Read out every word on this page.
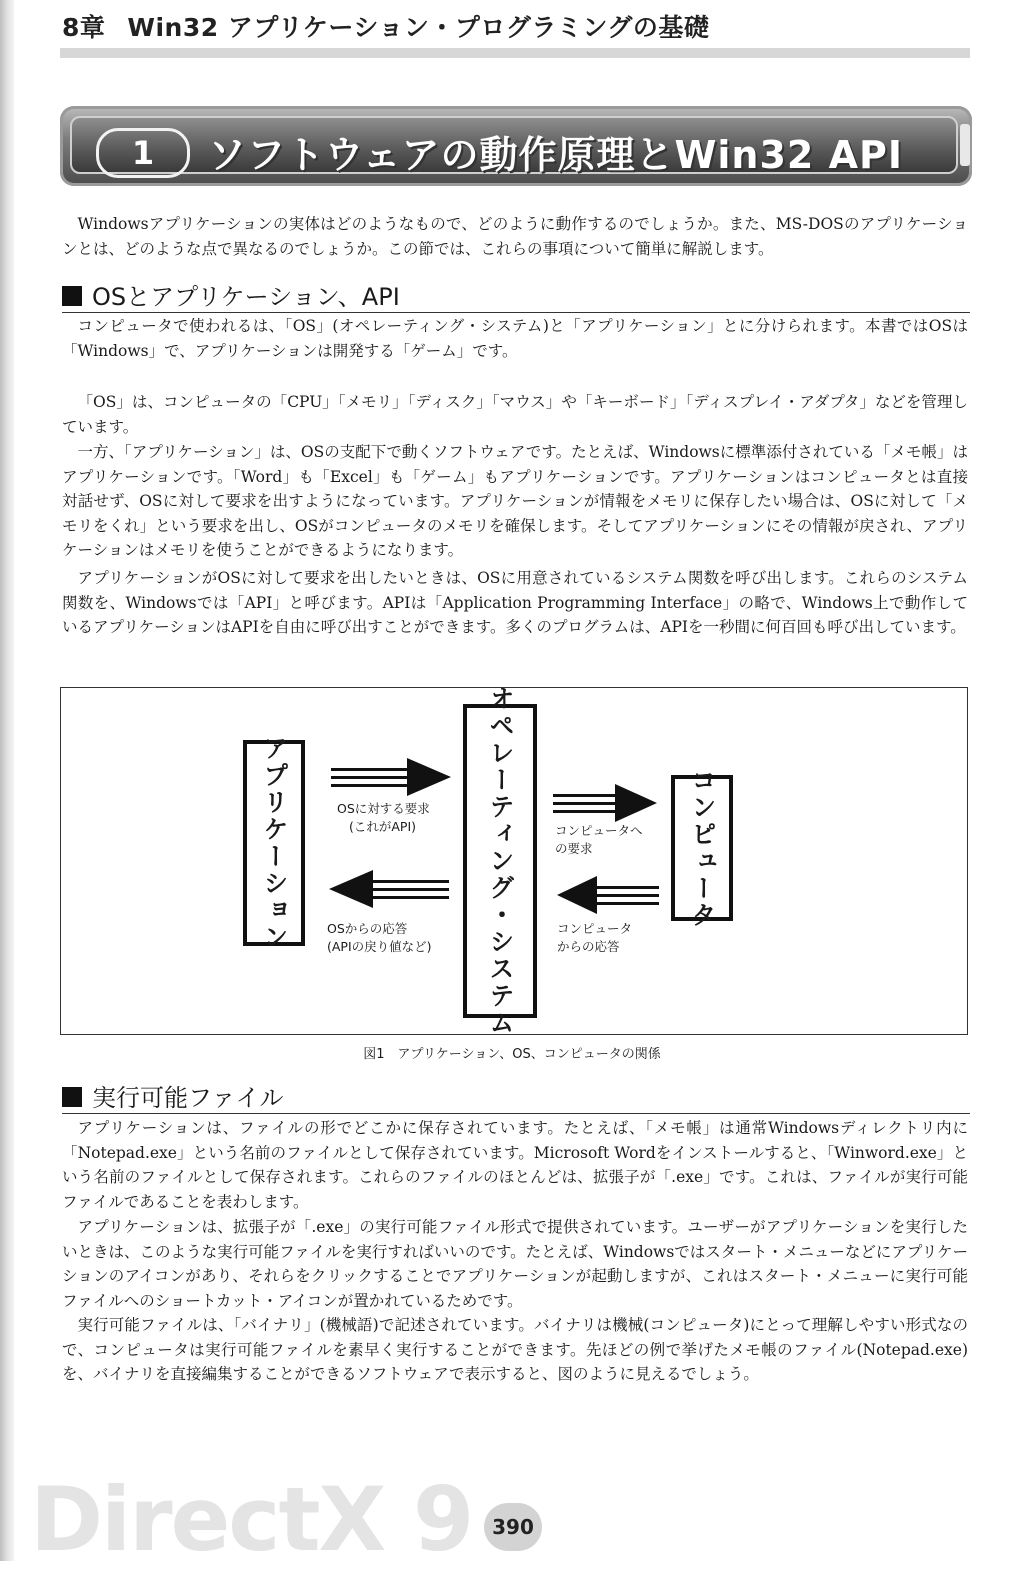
8章 Win32 アプリケーション・プログラミングの基礎
1	ソフトウェアの動作原理とWin32 API
Windowsアプリケーションの実体はどのようなもので、どのように動作するのでしょうか。また、MS-DOSのアプリケーションとは、どのような点で異なるのでしょうか。この節では、これらの事項について簡単に解説します。
OSとアプリケーション、API
コンピュータで使われるは、「OS」(オペレーティング・システム)と「アプリケーション」とに分けられます。本書ではOSは「Windows」で、アプリケーションは開発する「ゲーム」です。
「OS」は、コンピュータの「CPU」「メモリ」「ディスク」「マウス」や「キーボード」「ディスプレイ・アダプタ」などを管理しています。
一方、「アプリケーション」は、OSの支配下で動くソフトウェアです。たとえば、Windowsに標準添付されている「メモ帳」はアプリケーションです。「Word」も「Excel」も「ゲーム」もアプリケーションです。アプリケーションはコンピュータとは直接対話せず、OSに対して要求を出すようになっています。アプリケーションが情報をメモリに保存したい場合は、OSに対して「メモリをくれ」という要求を出し、OSがコンピュータのメモリを確保します。そしてアプリケーションにその情報が戻され、アプリケーションはメモリを使うことができるようになります。
アプリケーションがOSに対して要求を出したいときは、OSに用意されているシステム関数を呼び出します。これらのシステム関数を、Windowsでは「API」と呼びます。APIは「Application Programming Interface」の略で、Windows上で動作しているアプリケーションはAPIを自由に呼び出すことができます。多くのプログラムは、APIを一秒間に何百回も呼び出しています。
アプリケーション	オペレーティング・システム	コンピュータ
OSに対する要求
(これがAPI)
OSからの応答
(APIの戻り値など)
コンピュータへ
の要求
コンピュータ
からの応答
図1　アプリケーション、OS、コンピュータの関係
実行可能ファイル
アプリケーションは、ファイルの形でどこかに保存されています。たとえば、「メモ帳」は通常Windowsディレクトリ内に「Notepad.exe」という名前のファイルとして保存されています。Microsoft Wordをインストールすると、「Winword.exe」という名前のファイルとして保存されます。これらのファイルのほとんどは、拡張子が「.exe」です。これは、ファイルが実行可能ファイルであることを表わします。
アプリケーションは、拡張子が「.exe」の実行可能ファイル形式で提供されています。ユーザーがアプリケーションを実行したいときは、このような実行可能ファイルを実行すればいいのです。たとえば、Windowsではスタート・メニューなどにアプリケーションのアイコンがあり、それらをクリックすることでアプリケーションが起動しますが、これはスタート・メニューに実行可能ファイルへのショートカット・アイコンが置かれているためです。
実行可能ファイルは、「バイナリ」(機械語)で記述されています。バイナリは機械(コンピュータ)にとって理解しやすい形式なので、コンピュータは実行可能ファイルを素早く実行することができます。先ほどの例で挙げたメモ帳のファイル(Notepad.exe)を、バイナリを直接編集することができるソフトウェアで表示すると、図のように見えるでしょう。
DirectX 9 390
